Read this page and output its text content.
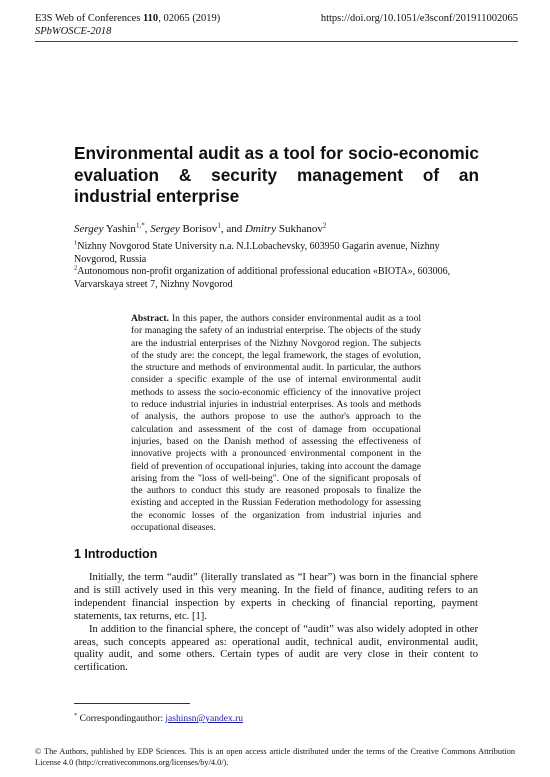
E3S Web of Conferences 110, 02065 (2019)
SPbWOSCE-2018
https://doi.org/10.1051/e3sconf/201911002065
Environmental audit as a tool for socio-economic evaluation & security management of an industrial enterprise
Sergey Yashin$^{1,*}$, Sergey Borisov$^1$, and Dmitry Sukhanov$^2$

$^1$Nizhny Novgorod State University n.a. N.I.Lobachevsky, 603950 Gagarin avenue, Nizhny Novgorod, Russia

$^2$Autonomous non-profit organization of additional professional education «BIOTA», 603006, Varvarskaya street 7, Nizhny Novgorod

Abstract. In this paper, the authors consider environmental audit as a tool for managing the safety of an industrial enterprise. The objects of the study are the industrial enterprises of the Nizhny Novgorod region. The subjects of the study are: the concept, the legal framework, the stages of evolution, the structure and methods of environmental audit. In particular, the authors consider a specific example of the use of internal environmental audit methods to assess the socio-economic efficiency of the innovative project to reduce industrial injuries in industrial enterprises. As tools and methods of analysis, the authors propose to use the author's approach to the calculation and assessment of the cost of damage from occupational injuries, based on the Danish method of assessing the effectiveness of innovative projects with a pronounced environmental component in the field of prevention of occupational injuries, taking into account the damage arising from the "loss of well-being". One of the significant proposals of the authors to conduct this study are reasoned proposals to finalize the existing and accepted in the Russian Federation methodology for assessing the economic losses of the organization from industrial injuries and occupational diseases.

1 Introduction

Initially, the term “audit” (literally translated as “I hear”) was born in the financial sphere and is still actively used in this very meaning. In the field of finance, auditing refers to an independent financial inspection by experts in checking of financial reporting, payment statements, tax returns, etc. [1].

In addition to the financial sphere, the concept of “audit” was also widely adopted in other areas, such concepts appeared as: operational audit, technical audit, environmental audit, quality audit, and some others. Certain types of audit are very close in their content to certification.

* Correspondingauthor: jashinsn@yandex.ru

© The Authors, published by EDP Sciences. This is an open access article distributed under the terms of the Creative Commons Attribution License 4.0 (http://creativecommons.org/licenses/by/4.0/).
